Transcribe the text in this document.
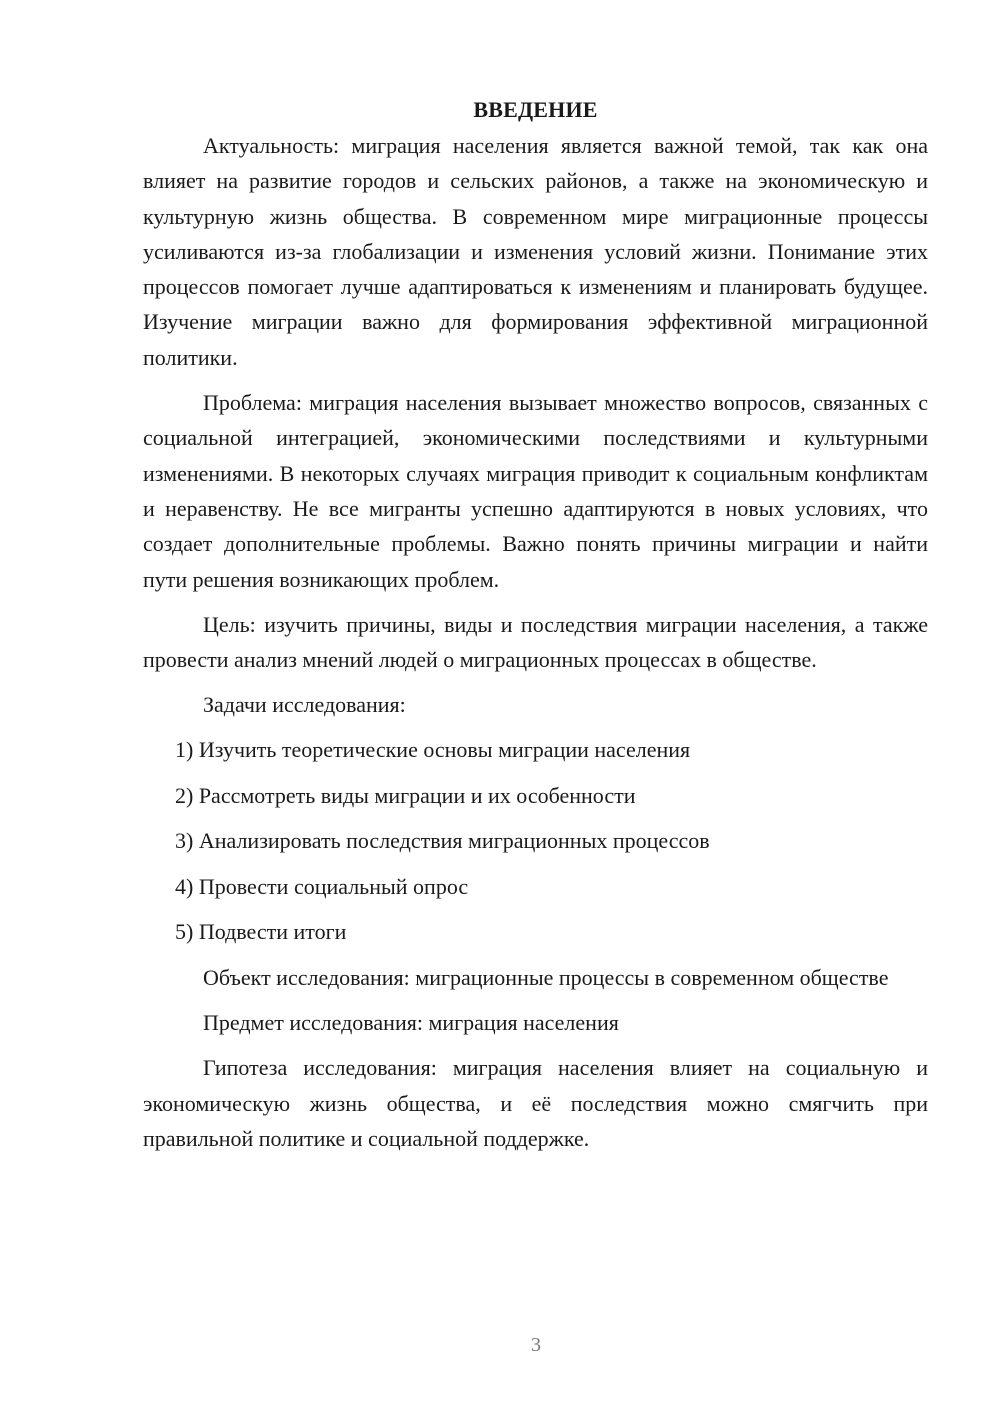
ВВЕДЕНИЕ

Актуальность: миграция населения является важной темой, так как она влияет на развитие городов и сельских районов, а также на экономическую и культурную жизнь общества. В современном мире миграционные процессы усиливаются из-за глобализации и изменения условий жизни. Понимание этих процессов помогает лучше адаптироваться к изменениям и планировать будущее. Изучение миграции важно для формирования эффективной миграционной политики.

Проблема: миграция населения вызывает множество вопросов, связанных с социальной интеграцией, экономическими последствиями и культурными изменениями. В некоторых случаях миграция приводит к социальным конфликтам и неравенству. Не все мигранты успешно адаптируются в новых условиях, что создает дополнительные проблемы. Важно понять причины миграции и найти пути решения возникающих проблем.

Цель: изучить причины, виды и последствия миграции населения, а также провести анализ мнений людей о миграционных процессах в обществе.

Задачи исследования:

1) Изучить теоретические основы миграции населения
2) Рассмотреть виды миграции и их особенности
3) Анализировать последствия миграционных процессов
4) Провести социальный опрос
5) Подвести итоги

Объект исследования: миграционные процессы в современном обществе

Предмет исследования: миграция населения

Гипотеза исследования: миграция населения влияет на социальную и экономическую жизнь общества, и её последствия можно смягчить при правильной политике и социальной поддержке.

3
